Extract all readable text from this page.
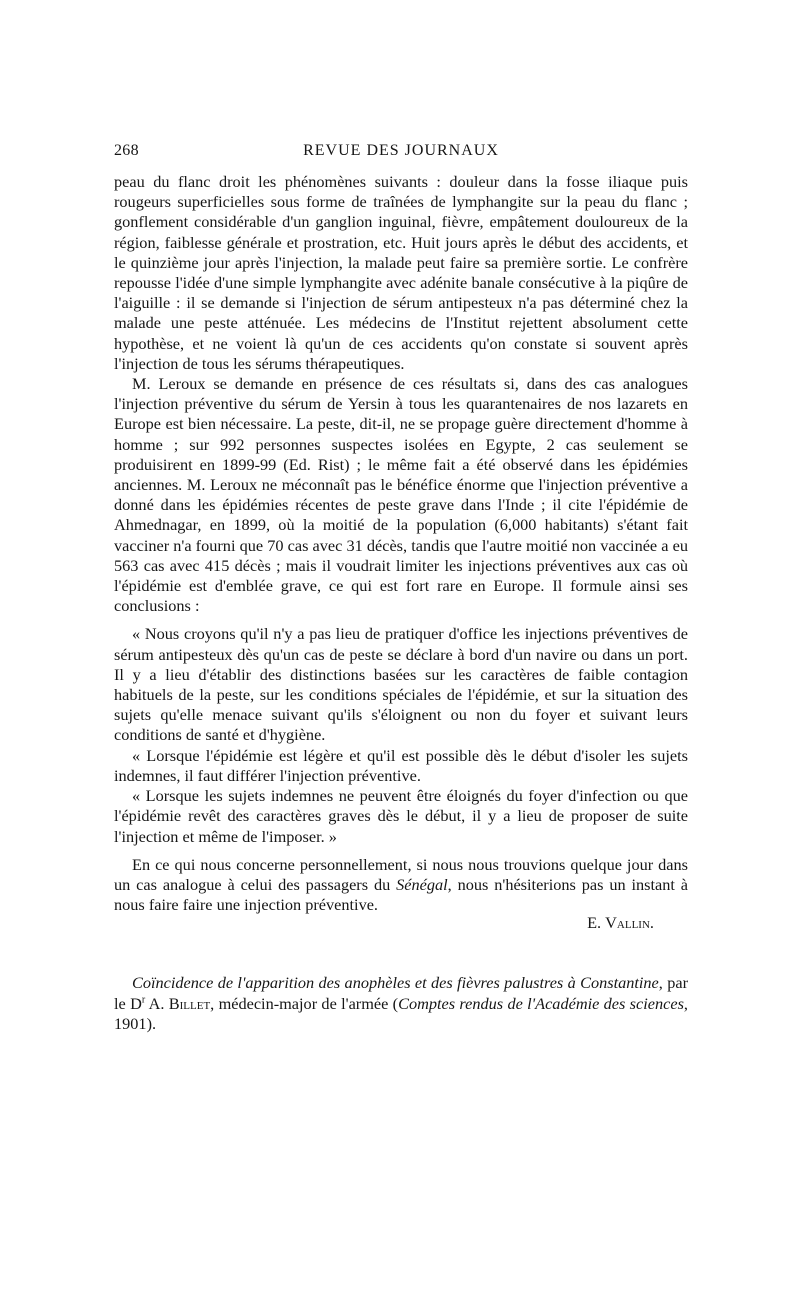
268	REVUE DES JOURNAUX

peau du flanc droit les phénomènes suivants : douleur dans la fosse iliaque puis rougeurs superficielles sous forme de traînées de lymphangite sur la peau du flanc ; gonflement considérable d'un ganglion inguinal, fièvre, empâtement douloureux de la région, faiblesse générale et prostration, etc. Huit jours après le début des accidents, et le quinzième jour après l'injection, la malade peut faire sa première sortie. Le confrère repousse l'idée d'une simple lymphangite avec adénite banale consécutive à la piqûre de l'aiguille : il se demande si l'injection de sérum antipesteux n'a pas déterminé chez la malade une peste atténuée. Les médecins de l'Institut rejettent absolument cette hypothèse, et ne voient là qu'un de ces accidents qu'on constate si souvent après l'injection de tous les sérums thérapeutiques.

M. Leroux se demande en présence de ces résultats si, dans des cas analogues l'injection préventive du sérum de Yersin à tous les quarantenaires de nos lazarets en Europe est bien nécessaire. La peste, dit-il, ne se propage guère directement d'homme à homme ; sur 992 personnes suspectes isolées en Egypte, 2 cas seulement se produisirent en 1899-99 (Ed. Rist) ; le même fait a été observé dans les épidémies anciennes. M. Leroux ne méconnaît pas le bénéfice énorme que l'injection préventive a donné dans les épidémies récentes de peste grave dans l'Inde ; il cite l'épidémie de Ahmednagar, en 1899, où la moitié de la population (6,000 habitants) s'étant fait vacciner n'a fourni que 70 cas avec 31 décès, tandis que l'autre moitié non vaccinée a eu 563 cas avec 415 décès ; mais il voudrait limiter les injections préventives aux cas où l'épidémie est d'emblée grave, ce qui est fort rare en Europe. Il formule ainsi ses conclusions :

« Nous croyons qu'il n'y a pas lieu de pratiquer d'office les injections préventives de sérum antipesteux dès qu'un cas de peste se déclare à bord d'un navire ou dans un port. Il y a lieu d'établir des distinctions basées sur les caractères de faible contagion habituels de la peste, sur les conditions spéciales de l'épidémie, et sur la situation des sujets qu'elle menace suivant qu'ils s'éloignent ou non du foyer et suivant leurs conditions de santé et d'hygiène.

« Lorsque l'épidémie est légère et qu'il est possible dès le début d'isoler les sujets indemnes, il faut différer l'injection préventive.

« Lorsque les sujets indemnes ne peuvent être éloignés du foyer d'infection ou que l'épidémie revêt des caractères graves dès le début, il y a lieu de proposer de suite l'injection et même de l'imposer. »

En ce qui nous concerne personnellement, si nous nous trouvions quelque jour dans un cas analogue à celui des passagers du Sénégal, nous n'hésiterions pas un instant à nous faire faire une injection préventive.

E. Vallin.

Coïncidence de l'apparition des anophèles et des fièvres palustres à Constantine, par le $D^r$ A. Billet, médecin-major de l'armée (Comptes rendus de l'Académie des sciences, 1901).
